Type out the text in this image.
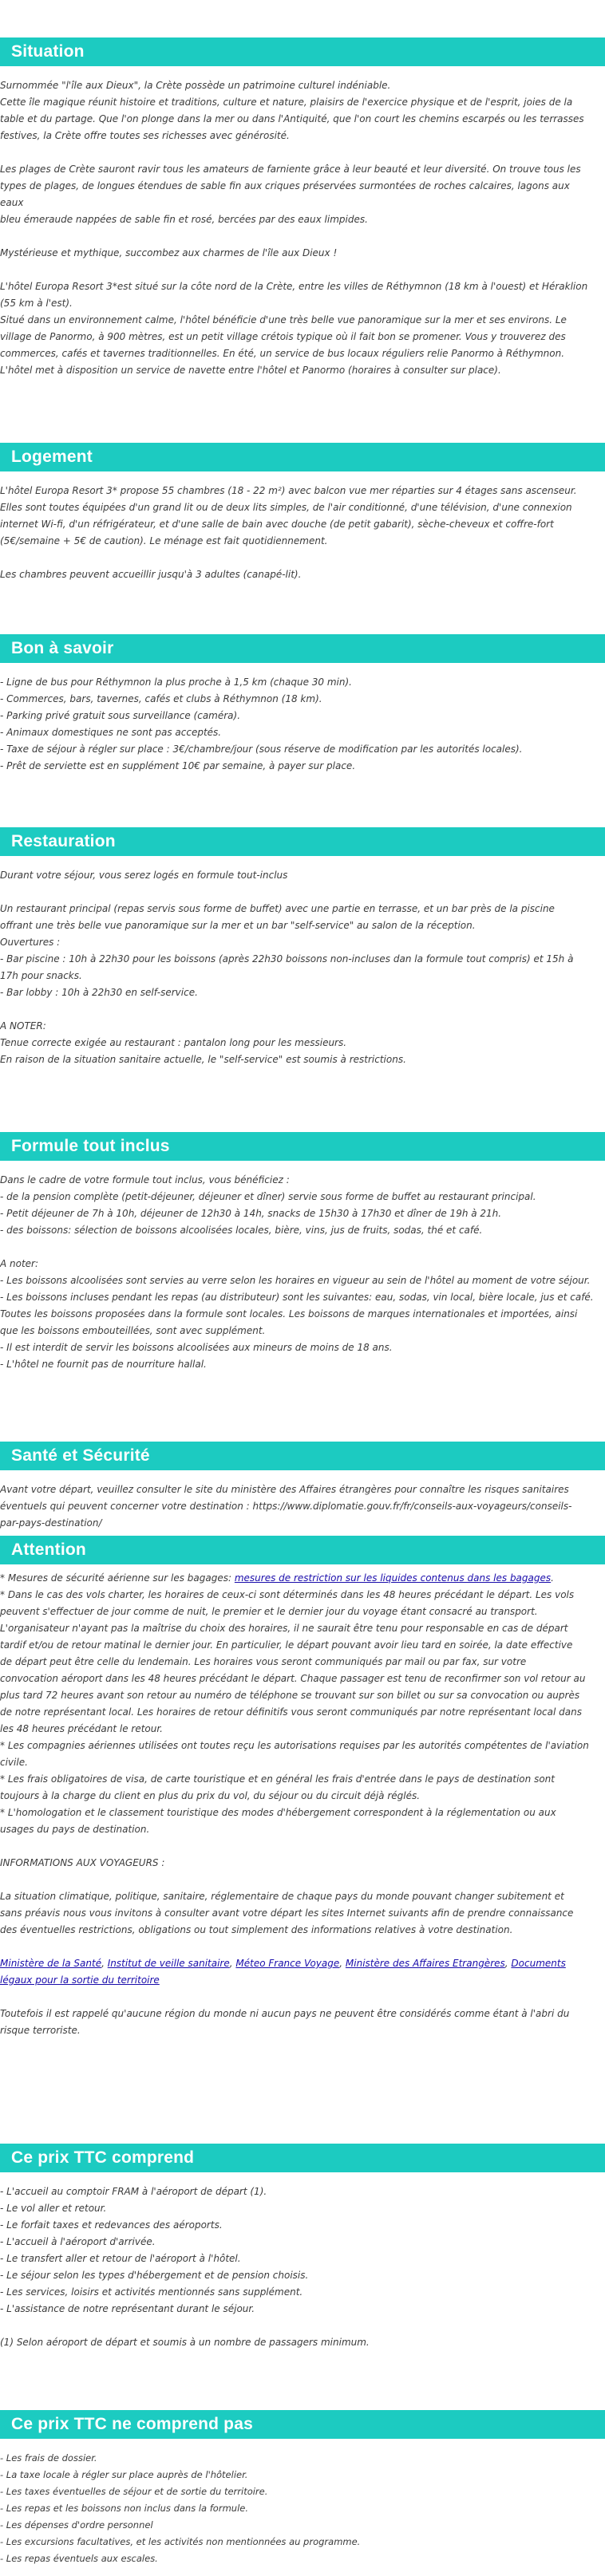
Situation

Surnommée "l'île aux Dieux", la Crète possède un patrimoine culturel indéniable.

Cette île magique réunit histoire et traditions, culture et nature, plaisirs de l'exercice physique et de l'esprit, joies de la

table et du partage. Que l'on plonge dans la mer ou dans l'Antiquité, que l'on court les chemins escarpés ou les terrasses

festives, la Crète offre toutes ses richesses avec générosité.

Les plages de Crète sauront ravir tous les amateurs de farniente grâce à leur beauté et leur diversité. On trouve tous les

types de plages, de longues étendues de sable fin aux criques préservées surmontées de roches calcaires, lagons aux eaux

bleu émeraude nappées de sable fin et rosé, bercées par des eaux limpides.

Mystérieuse et mythique, succombez aux charmes de l'île aux Dieux !

L'hôtel Europa Resort 3*est situé sur la côte nord de la Crète, entre les villes de Réthymnon (18 km à l'ouest) et Héraklion

(55 km à l'est).

Situé dans un environnement calme, l'hôtel bénéficie d'une très belle vue panoramique sur la mer et ses environs. Le

village de Panormo, à 900 mètres, est un petit village crétois typique où il fait bon se promener. Vous y trouverez des

commerces, cafés et tavernes traditionnelles. En été, un service de bus locaux réguliers relie Panormo à Réthymnon.

L'hôtel met à disposition un service de navette entre l'hôtel et Panormo (horaires à consulter sur place).

Logement

L'hôtel Europa Resort 3* propose 55 chambres (18 - 22 m²) avec balcon vue mer réparties sur 4 étages sans ascenseur.

Elles sont toutes équipées d'un grand lit ou de deux lits simples, de l'air conditionné, d'une télévision, d'une connexion

internet Wi-fi, d'un réfrigérateur, et d'une salle de bain avec douche (de petit gabarit), sèche-cheveux et coffre-fort

(5€/semaine + 5€ de caution). Le ménage est fait quotidiennement.

Les chambres peuvent accueillir jusqu'à 3 adultes (canapé-lit).

Bon à savoir

- Ligne de bus pour Réthymnon la plus proche à 1,5 km (chaque 30 min).

- Commerces, bars, tavernes, cafés et clubs à Réthymnon (18 km).

- Parking privé gratuit sous surveillance (caméra).

- Animaux domestiques ne sont pas acceptés.

- Taxe de séjour à régler sur place : 3€/chambre/jour (sous réserve de modification par les autorités locales).

- Prêt de serviette est en supplément 10€ par semaine, à payer sur place.

Restauration

Durant votre séjour, vous serez logés en formule tout-inclus

Un restaurant principal (repas servis sous forme de buffet) avec une partie en terrasse, et un bar près de la piscine

offrant une très belle vue panoramique sur la mer et un bar "self-service" au salon de la réception.

Ouvertures :

- Bar piscine : 10h à 22h30 pour les boissons (après 22h30 boissons non-incluses dan la formule tout compris) et 15h à

17h pour snacks.

- Bar lobby : 10h à 22h30 en self-service.

A NOTER:

Tenue correcte exigée au restaurant : pantalon long pour les messieurs.

En raison de la situation sanitaire actuelle, le "self-service" est soumis à restrictions.

Formule tout inclus

Dans le cadre de votre formule tout inclus, vous bénéficiez :

- de la pension complète (petit-déjeuner, déjeuner et dîner) servie sous forme de buffet au restaurant principal.

- Petit déjeuner de 7h à 10h, déjeuner de 12h30 à 14h, snacks de 15h30 à 17h30 et dîner de 19h à 21h.

- des boissons: sélection de boissons alcoolisées locales, bière, vins, jus de fruits, sodas, thé et café.

A noter:

- Les boissons alcoolisées sont servies au verre selon les horaires en vigueur au sein de l'hôtel au moment de votre séjour.

- Les boissons incluses pendant les repas (au distributeur) sont les suivantes: eau, sodas, vin local, bière locale, jus et café.

Toutes les boissons proposées dans la formule sont locales. Les boissons de marques internationales et importées, ainsi

que les boissons embouteillées, sont avec supplément.

- Il est interdit de servir les boissons alcoolisées aux mineurs de moins de 18 ans.

- L'hôtel ne fournit pas de nourriture hallal.

Santé et Sécurité

Avant votre départ, veuillez consulter le site du ministère des Affaires étrangères pour connaître les risques sanitaires

éventuels qui peuvent concerner votre destination : https://www.diplomatie.gouv.fr/fr/conseils-aux-voyageurs/conseils-

par-pays-destination/

Attention

* Mesures de sécurité aérienne sur les bagages: mesures de restriction sur les liquides contenus dans les bagages.

* Dans le cas des vols charter, les horaires de ceux-ci sont déterminés dans les 48 heures précédant le départ. Les vols

peuvent s'effectuer de jour comme de nuit, le premier et le dernier jour du voyage étant consacré au transport.

L'organisateur n'ayant pas la maîtrise du choix des horaires, il ne saurait être tenu pour responsable en cas de départ

tardif et/ou de retour matinal le dernier jour. En particulier, le départ pouvant avoir lieu tard en soirée, la date effective

de départ peut être celle du lendemain. Les horaires vous seront communiqués par mail ou par fax, sur votre

convocation aéroport dans les 48 heures précédant le départ. Chaque passager est tenu de reconfirmer son vol retour au

plus tard 72 heures avant son retour au numéro de téléphone se trouvant sur son billet ou sur sa convocation ou auprès

de notre représentant local. Les horaires de retour définitifs vous seront communiqués par notre représentant local dans

les 48 heures précédant le retour.

* Les compagnies aériennes utilisées ont toutes reçu les autorisations requises par les autorités compétentes de l'aviation

civile.

* Les frais obligatoires de visa, de carte touristique et en général les frais d'entrée dans le pays de destination sont

toujours à la charge du client en plus du prix du vol, du séjour ou du circuit déjà réglés.

* L'homologation et le classement touristique des modes d'hébergement correspondent à la réglementation ou aux

usages du pays de destination.

INFORMATIONS AUX VOYAGEURS :

La situation climatique, politique, sanitaire, réglementaire de chaque pays du monde pouvant changer subitement et

sans préavis nous vous invitons à consulter avant votre départ les sites Internet suivants afin de prendre connaissance

des éventuelles restrictions, obligations ou tout simplement des informations relatives à votre destination.

Ministère de la Santé, Institut de veille sanitaire, Méteo France Voyage, Ministère des Affaires Etrangères, Documents

légaux pour la sortie du territoire

Toutefois il est rappelé qu'aucune région du monde ni aucun pays ne peuvent être considérés comme étant à l'abri du

risque terroriste.

Ce prix TTC comprend

- L'accueil au comptoir FRAM à l'aéroport de départ (1).

- Le vol aller et retour.

- Le forfait taxes et redevances des aéroports.

- L'accueil à l'aéroport d'arrivée.

- Le transfert aller et retour de l'aéroport à l'hôtel.

- Le séjour selon les types d'hébergement et de pension choisis.

- Les services, loisirs et activités mentionnés sans supplément.

- L'assistance de notre représentant durant le séjour.

(1) Selon aéroport de départ et soumis à un nombre de passagers minimum.

Ce prix TTC ne comprend pas

- Les frais de dossier.

- La taxe locale à régler sur place auprès de l'hôtelier.

- Les taxes éventuelles de séjour et de sortie du territoire.

- Les repas et les boissons non inclus dans la formule.

- Les dépenses d'ordre personnel

- Les excursions facultatives, et les activités non mentionnées au programme.

- Les repas éventuels aux escales.
